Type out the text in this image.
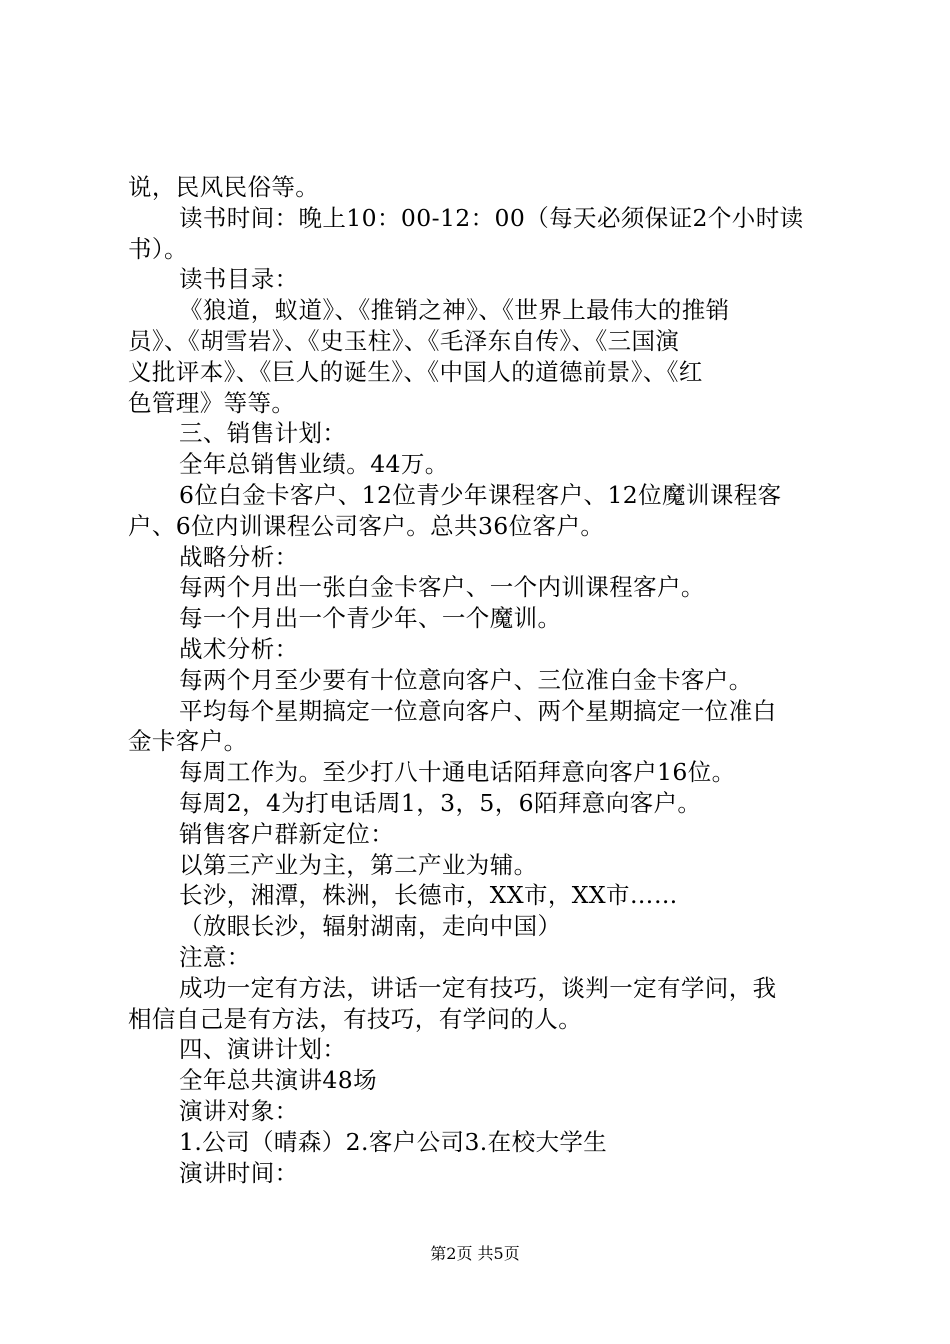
说，民风民俗等。
读书时间：晚上10：00-12：00（每天必须保证2个小时读
书）。
读书目录：
《狼道，蚁道》、《推销之神》、《世界上最伟大的推销
员》、《胡雪岩》、《史玉柱》、《毛泽东自传》、《三国演
义批评本》、《巨人的诞生》、《中国人的道德前景》、《红
色管理》等等。
三、销售计划：
全年总销售业绩。44万。
6位白金卡客户、12位青少年课程客户、12位魔训课程客
户、6位内训课程公司客户。总共36位客户。
战略分析：
每两个月出一张白金卡客户、一个内训课程客户。
每一个月出一个青少年、一个魔训。
战术分析：
每两个月至少要有十位意向客户、三位准白金卡客户。
平均每个星期搞定一位意向客户、两个星期搞定一位准白
金卡客户。
每周工作为。至少打八十通电话陌拜意向客户16位。
每周2，4为打电话周1，3，5，6陌拜意向客户。
销售客户群新定位：
以第三产业为主，第二产业为辅。
长沙，湘潭，株洲，长德市，XX市，XX市……
（放眼长沙，辐射湖南，走向中国）
注意：
成功一定有方法，讲话一定有技巧，谈判一定有学问，我
相信自己是有方法，有技巧，有学问的人。
四、演讲计划：
全年总共演讲48场
演讲对象：
1.公司（晴森）2.客户公司3.在校大学生
演讲时间：
第2页 共5页
